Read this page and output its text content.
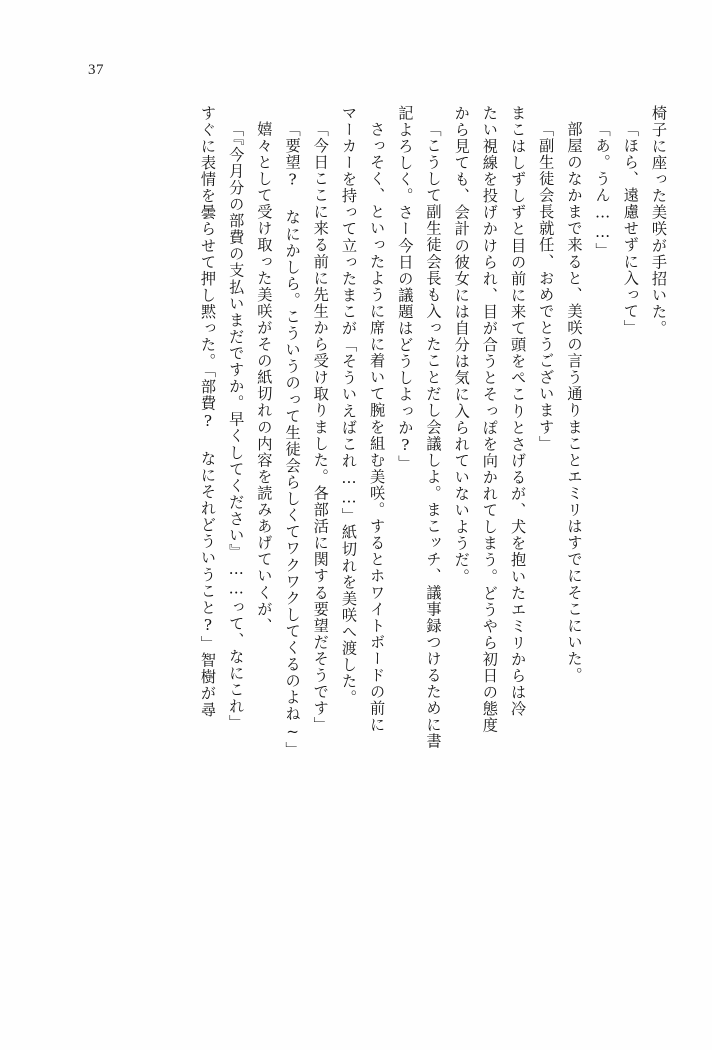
37
椅子に座った美咲が手招いた。
「ほら、遠慮せずに入って」
「あ。うん……」
部屋のなかまで来ると、美咲の言う通りまことエミリはすでにそこにいた。
「副生徒会長就任、おめでとうございます」
まこはしずしずと目の前に来て頭をぺこりとさげるが、犬を抱いたエミリからは冷
たい視線を投げかけられ、目が合うとそっぽを向かれてしまう。どうやら初日の態度
から見ても、会計の彼女には自分は気に入られていないようだ。
「こうして副生徒会長も入ったことだし会議しよ。まこッチ、議事録つけるために書
記よろしく。さー今日の議題はどうしよっか?」
さっそく、といったように席に着いて腕を組む美咲。するとホワイトボードの前に
マーカーを持って立ったまこが「そういえばこれ……」紙切れを美咲へ渡した。
「今日ここに来る前に先生から受け取りました。各部活に関する要望だそうです」
「要望? なにかしら。こういうのって生徒会らしくてワクワクしてくるのよね~」
嬉々として受け取った美咲がその紙切れの内容を読みあげていくが、
「『今月分の部費の支払いまだですか。早くしてください』……って、なにこれ」
すぐに表情を曇らせて押し黙った。「部費? なにそれどういうこと?」智樹が尋
